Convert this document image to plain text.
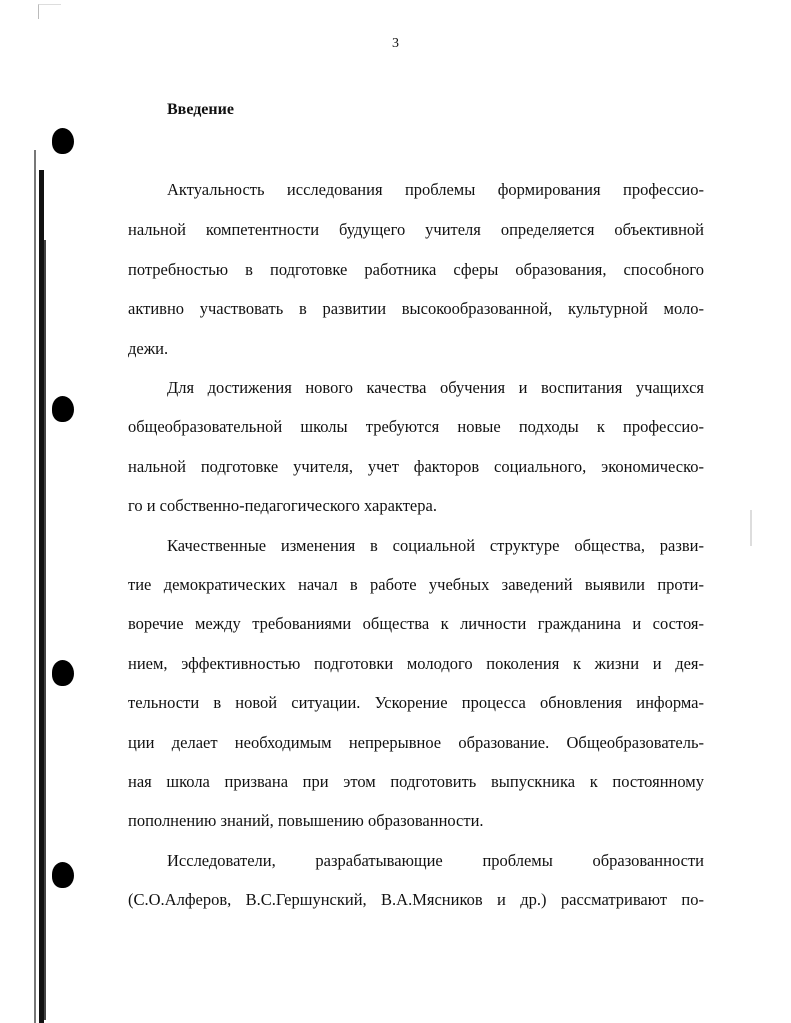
3
Введение
Актуальность исследования проблемы формирования профессио-
нальной компетентности будущего учителя определяется объективной
потребностью в подготовке работника сферы образования, способного
активно участвовать в развитии высокообразованной, культурной моло-
дежи.
Для достижения нового качества обучения и воспитания учащихся
общеобразовательной школы требуются новые подходы к профессио-
нальной подготовке учителя, учет факторов социального, экономическо-
го и собственно-педагогического характера.
Качественные изменения в социальной структуре общества, разви-
тие демократических начал в работе учебных заведений выявили проти-
воречие между требованиями общества к личности гражданина и состоя-
нием, эффективностью подготовки молодого поколения к жизни и дея-
тельности в новой ситуации. Ускорение процесса обновления информа-
ции делает необходимым непрерывное образование. Общеобразователь-
ная школа призвана при этом подготовить выпускника к постоянному
пополнению знаний, повышению образованности.
Исследователи, разрабатывающие проблемы образованности
(С.О.Алферов, В.С.Гершунский, В.А.Мясников и др.) рассматривают по-
